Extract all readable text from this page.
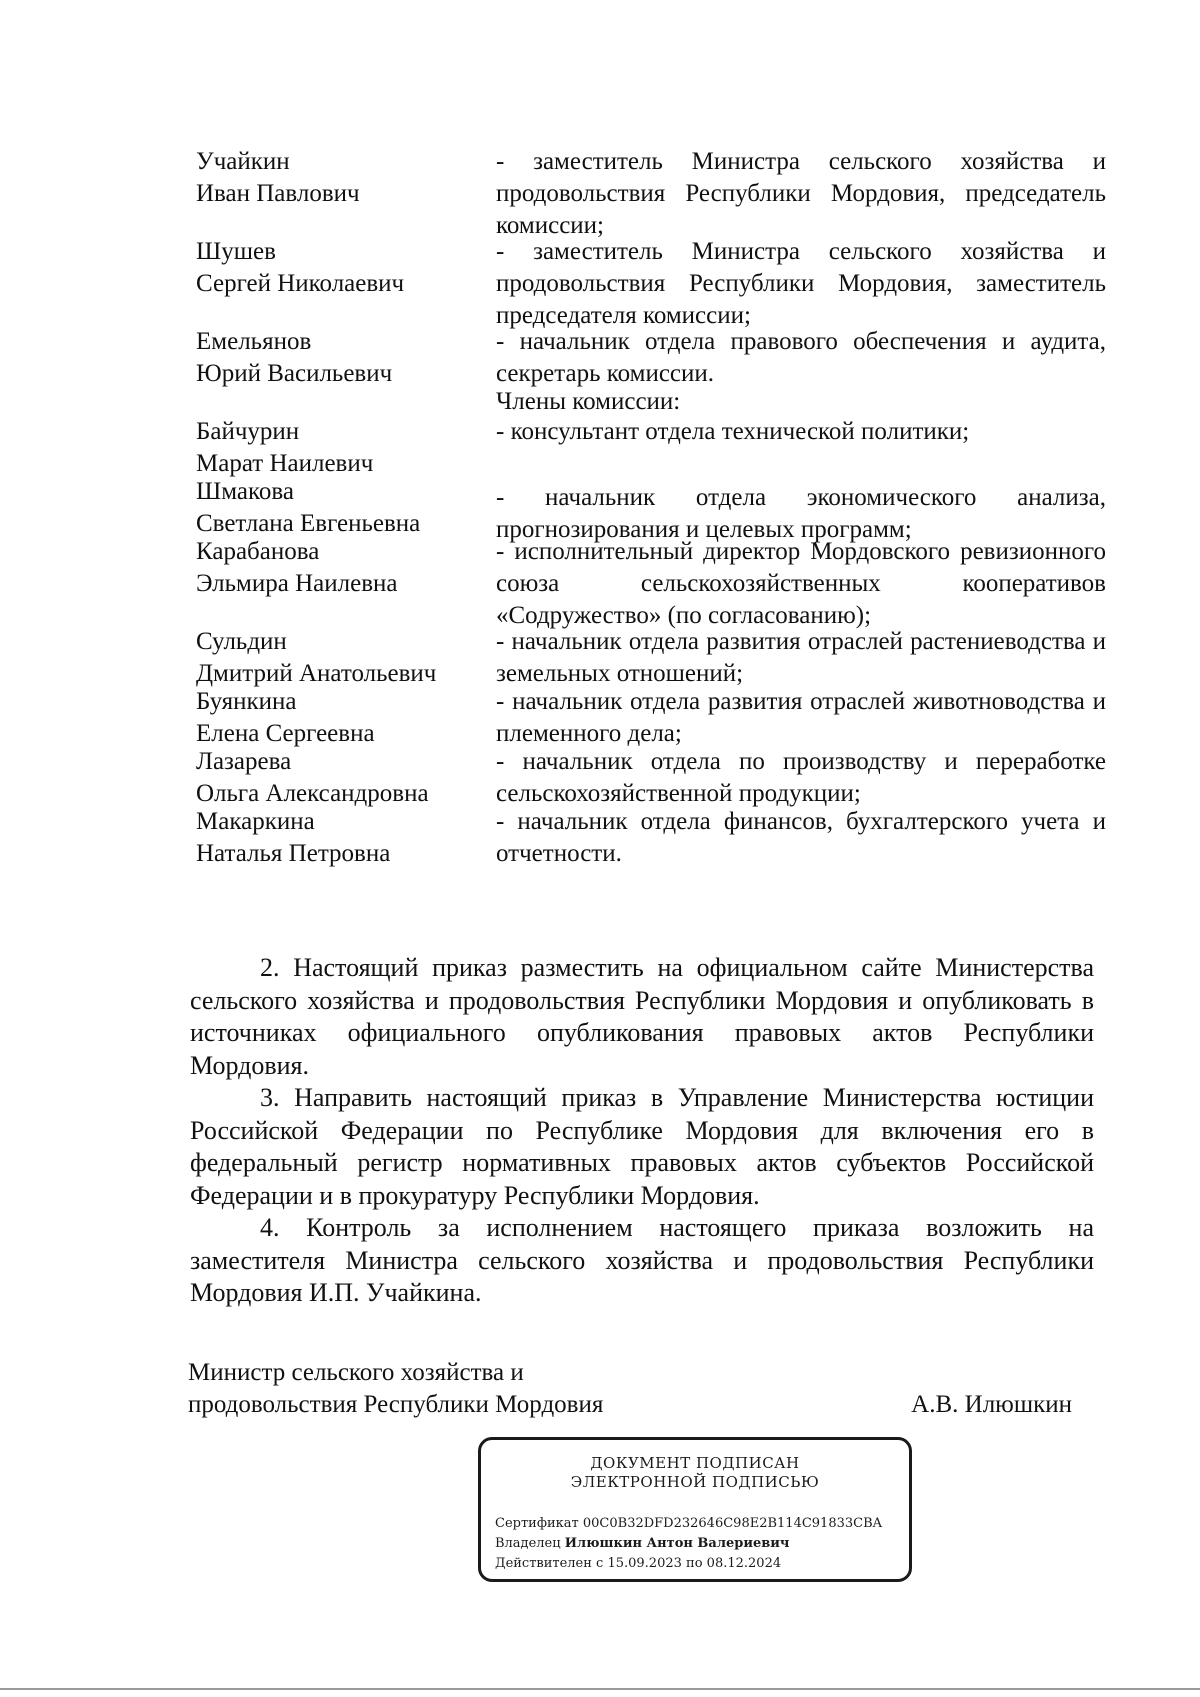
Учайкин
Иван Павлович
- заместитель Министра сельского хозяйства и продовольствия Республики Мордовия, председатель комиссии;
Шушев
Сергей Николаевич
- заместитель Министра сельского хозяйства и продовольствия Республики Мордовия, заместитель председателя комиссии;
Емельянов
Юрий Васильевич
- начальник отдела правового обеспечения и аудита, секретарь комиссии.
Члены комиссии:
Байчурин
Марат Наилевич
- консультант отдела технической политики;
Шмакова
Светлана Евгеньевна
- начальник отдела экономического анализа, прогнозирования и целевых программ;
Карабанова
Эльмира Наилевна
- исполнительный директор Мордовского ревизионного союза сельскохозяйственных кооперативов «Содружество» (по согласованию);
Сульдин
Дмитрий Анатольевич
- начальник отдела развития отраслей растениеводства и земельных отношений;
Буянкина
Елена Сергеевна
- начальник отдела развития отраслей животноводства и племенного дела;
Лазарева
Ольга Александровна
- начальник отдела по производству и переработке сельскохозяйственной продукции;
Макаркина
Наталья Петровна
- начальник отдела финансов, бухгалтерского учета и отчетности.

2. Настоящий приказ разместить на официальном сайте Министерства сельского хозяйства и продовольствия Республики Мордовия и опубликовать в источниках официального опубликования правовых актов Республики Мордовия.

3. Направить настоящий приказ в Управление Министерства юстиции Российской Федерации по Республике Мордовия для включения его в федеральный регистр нормативных правовых актов субъектов Российской Федерации и в прокуратуру Республики Мордовия.

4. Контроль за исполнением настоящего приказа возложить на заместителя Министра сельского хозяйства и продовольствия Республики Мордовия И.П. Учайкина.

Министр сельского хозяйства и
продовольствия Республики Мордовия	А.В. Илюшкин
ДОКУМЕНТ ПОДПИСАН
ЭЛЕКТРОННОЙ ПОДПИСЬЮ
Сертификат 00C0B32DFD232646C98E2B114C91833CBA
Владелец Илюшкин Антон Валериевич
Действителен с 15.09.2023 по 08.12.2024
